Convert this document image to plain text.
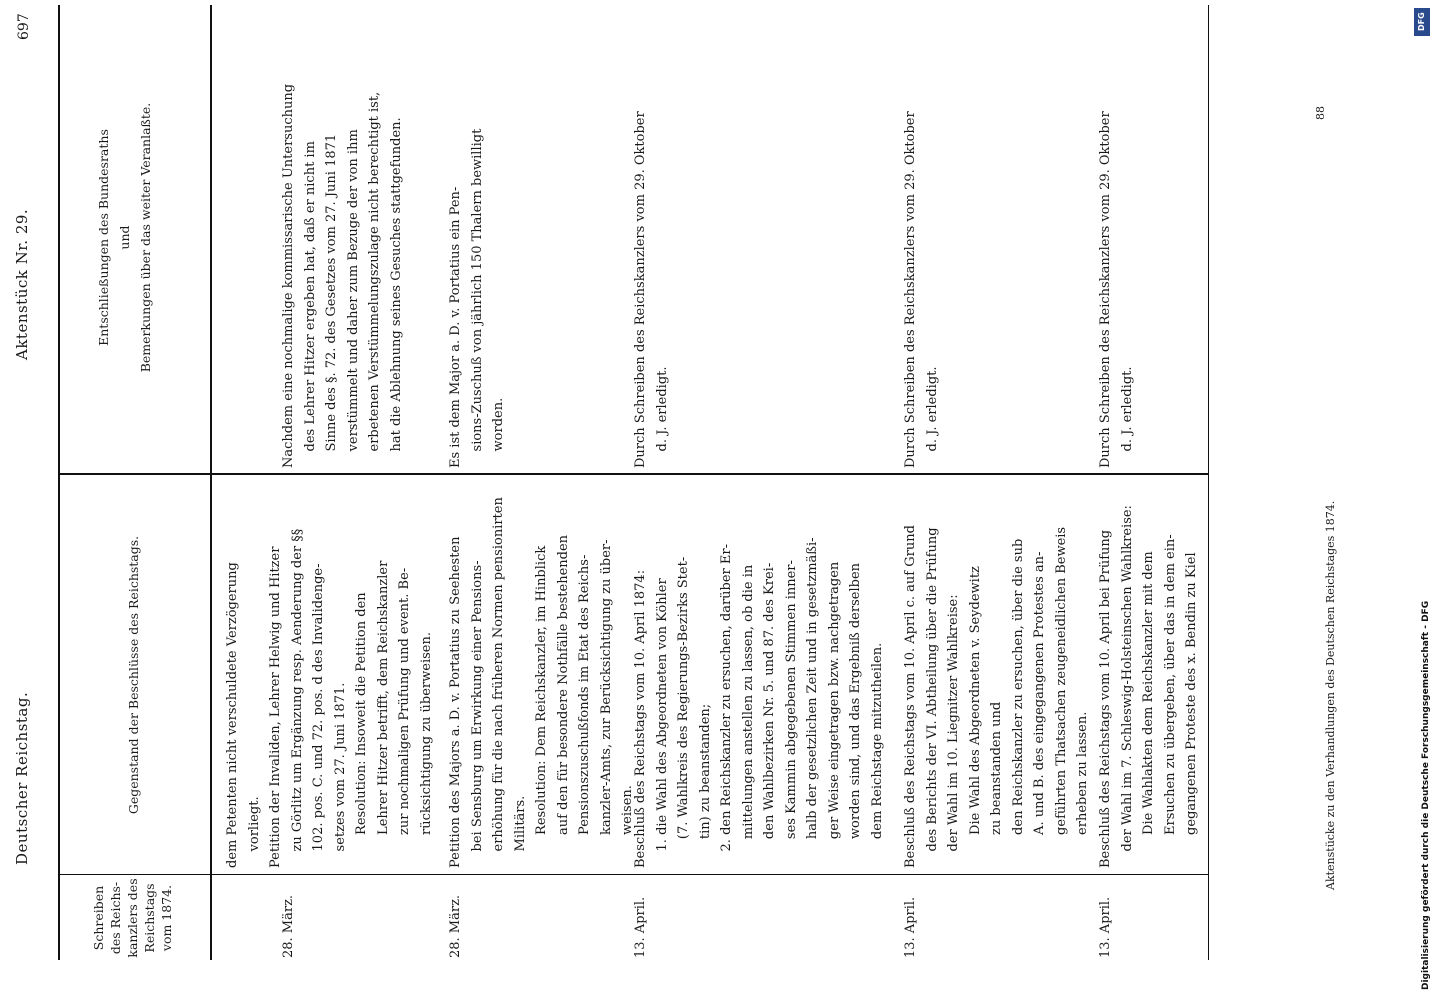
Deutscher Reichstag.
Aktenstück Nr. 29.
697
Schreiben des Reichs-kanzlers des Reichstags vom 1874.
Gegenstand der Beschlüsse des Reichstags.
Entschließungen des Bundesraths und Bemerkungen über das weiter Veranlaßte.
28. März.
dem Petenten nicht verschuldete Verzögerung
vorliegt.
Petition der Invaliden, Lehrer Helwig und Hitzer
zu Görlitz um Ergänzung resp. Aenderung der §§
102. pos. C. und 72. pos. d des Invalidenge-
setzes vom 27. Juni 1871.
Resolution: Insoweit die Petition den
Lehrer Hitzer betrifft, dem Reichskanzler
zur nochmaligen Prüfung und event. Be-
rücksichtigung zu überweisen.
Nachdem eine nochmalige kommissarische Untersuchung
des Lehrer Hitzer ergeben hat, daß er nicht im
Sinne des §. 72. des Gesetzes vom 27. Juni 1871
verstümmelt und daher zum Bezuge der von ihm
erbetenen Verstümmelungszulage nicht berechtigt ist,
hat die Ablehnung seines Gesuches stattgefunden.
28. März.
Petition des Majors a. D. v. Portatius zu Seehesten
bei Sensburg um Erwirkung einer Pensions-
erhöhung für die nach früheren Normen pensionirten
Militärs.
Resolution: Dem Reichskanzler, im Hinblick
auf den für besondere Nothfälle bestehenden
Pensionszuschußfonds im Etat des Reichs-
kanzler-Amts, zur Berücksichtigung zu über-
weisen.
Es ist dem Major a. D. v. Portatius ein Pen-
sions-Zuschuß von jährlich 150 Thalern bewilligt
worden.
13. April.
Beschluß des Reichstags vom 10. April 1874:
1. die Wahl des Abgeordneten von Köhler
(7. Wahlkreis des Regierungs-Bezirks Stet-
tin) zu beanstanden;
2. den Reichskanzler zu ersuchen, darüber Er-
mittelungen anstellen zu lassen, ob die in
den Wahlbezirken Nr. 5. und 87. des Krei-
ses Kammin abgegebenen Stimmen inner-
halb der gesetzlichen Zeit und in gesetzmäßi-
ger Weise eingetragen bzw. nachgetragen
worden sind, und das Ergebniß derselben
dem Reichstage mitzutheilen.
Durch Schreiben des Reichskanzlers vom 29. Oktober
d. J. erledigt.
13. April.
Beschluß des Reichstags vom 10. April c. auf Grund
des Berichts der VI. Abtheilung über die Prüfung
der Wahl im 10. Liegnitzer Wahlkreise:
Die Wahl des Abgeordneten v. Seydewitz
zu beanstanden und
den Reichskanzler zu ersuchen, über die sub
A. und B. des eingegangenen Protestes an-
geführten Thatsachen zeugeneidlichen Beweis
erheben zu lassen.
Durch Schreiben des Reichskanzlers vom 29. Oktober
d. J. erledigt.
13. April.
Beschluß des Reichstags vom 10. April bei Prüfung
der Wahl im 7. Schleswig-Holsteinschen Wahlkreise:
Die Wahlakten dem Reichskanzler mit dem
Ersuchen zu übergeben, über das in dem ein-
gegangenen Proteste des x. Bendin zu Kiel
Durch Schreiben des Reichskanzlers vom 29. Oktober
d. J. erledigt.
Aktenstücke zu den Verhandlungen des Deutschen Reichstages 1874.
88
DFG
Digitalisierung gefördert durch die Deutsche Forschungsgemeinschaft - DFG
